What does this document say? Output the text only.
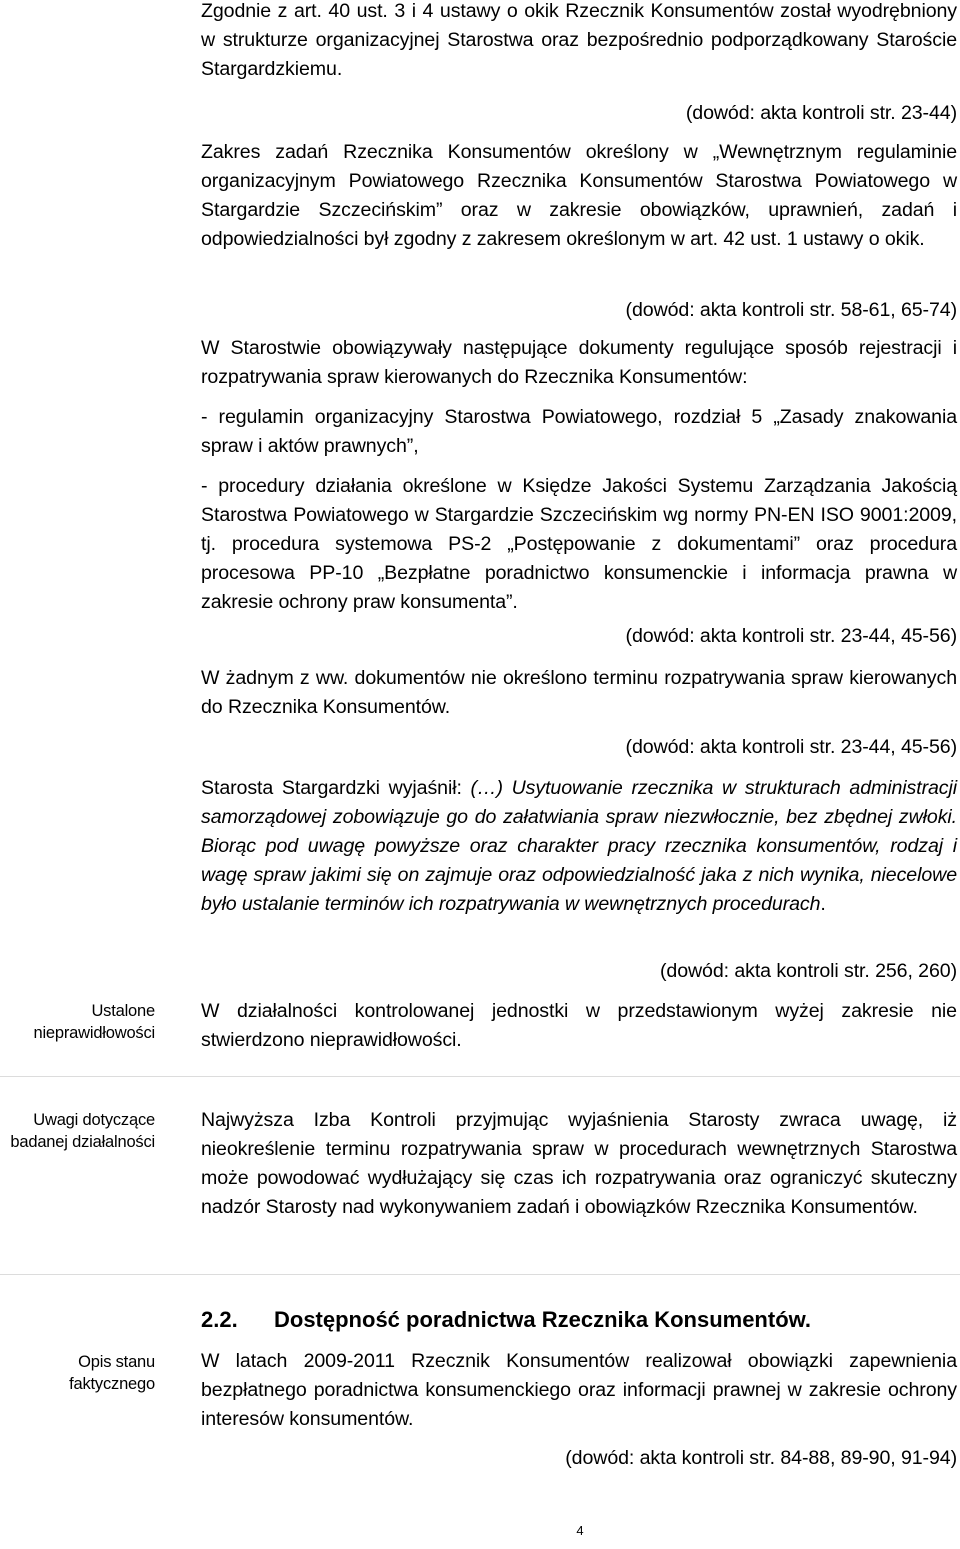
Zgodnie z art. 40 ust. 3 i 4 ustawy o okik Rzecznik Konsumentów został wyodrębniony w strukturze organizacyjnej Starostwa oraz bezpośrednio podporządkowany Staroście Stargardzkiemu.
(dowód: akta kontroli str. 23-44)
Zakres zadań Rzecznika Konsumentów określony w „Wewnętrznym regulaminie organizacyjnym Powiatowego Rzecznika Konsumentów Starostwa Powiatowego w Stargardzie Szczecińskim” oraz w zakresie obowiązków, uprawnień, zadań i odpowiedzialności był zgodny z zakresem określonym w art. 42 ust. 1 ustawy o okik.
(dowód: akta kontroli str. 58-61, 65-74)
W Starostwie obowiązywały następujące dokumenty regulujące sposób rejestracji i rozpatrywania spraw kierowanych do Rzecznika Konsumentów:
- regulamin organizacyjny Starostwa Powiatowego, rozdział 5 „Zasady znakowania spraw i aktów prawnych”,
- procedury działania określone w Księdze Jakości Systemu Zarządzania Jakością Starostwa Powiatowego w Stargardzie Szczecińskim wg normy PN-EN ISO 9001:2009, tj. procedura systemowa PS-2 „Postępowanie z dokumentami” oraz procedura procesowa PP-10 „Bezpłatne poradnictwo konsumenckie i informacja prawna w zakresie ochrony praw konsumenta”.
(dowód: akta kontroli str. 23-44, 45-56)
W żadnym z ww. dokumentów nie określono terminu rozpatrywania spraw kierowanych do Rzecznika Konsumentów.
(dowód: akta kontroli str. 23-44, 45-56)
Starosta Stargardzki wyjaśnił: (…) Usytuowanie rzecznika w strukturach administracji samorządowej zobowiązuje go do załatwiania spraw niezwłocznie, bez zbędnej zwłoki. Biorąc pod uwagę powyższe oraz charakter pracy rzecznika konsumentów, rodzaj i wagę spraw jakimi się on zajmuje oraz odpowiedzialność jaka z nich wynika, niecelowe było ustalanie terminów ich rozpatrywania w wewnętrznych procedurach.
(dowód: akta kontroli str. 256, 260)
Ustalone nieprawidłowości
W działalności kontrolowanej jednostki w przedstawionym wyżej zakresie nie stwierdzono nieprawidłowości.
Uwagi dotyczące badanej działalności
Najwyższa Izba Kontroli przyjmując wyjaśnienia Starosty zwraca uwagę, iż nieokreślenie terminu rozpatrywania spraw w procedurach wewnętrznych Starostwa może powodować wydłużający się czas ich rozpatrywania oraz ograniczyć skuteczny nadzór Starosty nad wykonywaniem zadań i obowiązków Rzecznika Konsumentów.
2.2. Dostępność poradnictwa Rzecznika Konsumentów.
Opis stanu faktycznego
W latach 2009-2011 Rzecznik Konsumentów realizował obowiązki zapewnienia bezpłatnego poradnictwa konsumenckiego oraz informacji prawnej w zakresie ochrony interesów konsumentów.
(dowód: akta kontroli str. 84-88, 89-90, 91-94)
4
